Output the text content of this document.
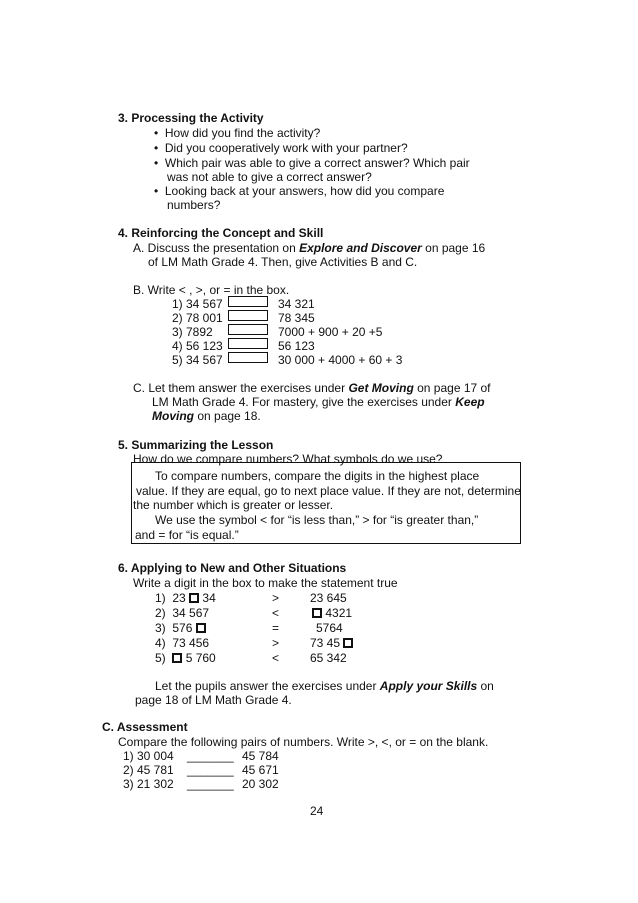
3. Processing the Activity
•  How did you find the activity?
•  Did you cooperatively work with your partner?
•  Which pair was able to give a correct answer? Which pair
was not able to give a correct answer?
•  Looking back at your answers, how did you compare
numbers?
4. Reinforcing the Concept and Skill
A. Discuss the presentation on Explore and Discover on page 16
of LM Math Grade 4. Then, give Activities B and C.
B. Write < , >, or = in the box.
1) 34 567	34 321
2) 78 001	78 345
3) 7892	7000 + 900 + 20 +5
4) 56 123	56 123
5) 34 567	30 000 + 4000 + 60 + 3
C. Let them answer the exercises under Get Moving on page 17 of
LM Math Grade 4. For mastery, give the exercises under Keep
Moving on page 18.
5. Summarizing the Lesson
How do we compare numbers? What symbols do we use?
To compare numbers, compare the digits in the highest place
value. If they are equal, go to next place value. If they are not, determine
the number which is greater or lesser.
We use the symbol < for “is less than,” > for “is greater than,”
and = for “is equal.”
6. Applying to New and Other Situations
Write a digit in the box to make the statement true
1) 23 34	>	23 645
2) 34 567	<	4321
3) 576	=	5764
4) 73 456	>	73 45
5) 5 760	<	65 342
Let the pupils answer the exercises under Apply your Skills on
page 18 of LM Math Grade 4.
C. Assessment
Compare the following pairs of numbers. Write >, <, or = on the blank.
1) 30 004 _______ 45 784
2) 45 781 _______ 45 671
3) 21 302 _______ 20 302
24
